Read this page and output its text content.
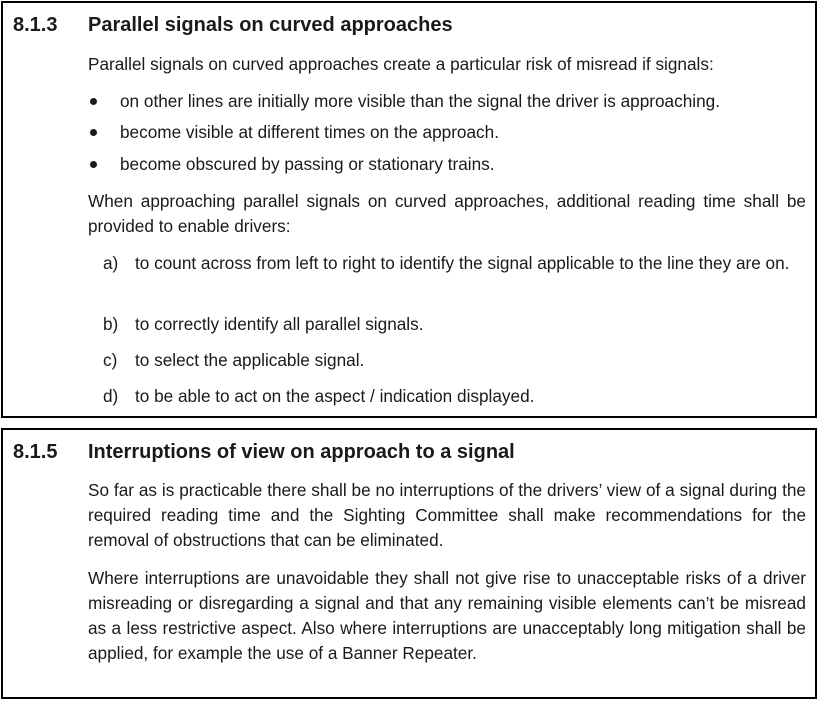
8.1.3 Parallel signals on curved approaches

Parallel signals on curved approaches create a particular risk of misread if signals:

on other lines are initially more visible than the signal the driver is approaching.
become visible at different times on the approach.
become obscured by passing or stationary trains.

When approaching parallel signals on curved approaches, additional reading time shall be provided to enable drivers:

a) to count across from left to right to identify the signal applicable to the line they are on.
b) to correctly identify all parallel signals.
c) to select the applicable signal.
d) to be able to act on the aspect / indication displayed.
8.1.5 Interruptions of view on approach to a signal

So far as is practicable there shall be no interruptions of the drivers’ view of a signal during the required reading time and the Sighting Committee shall make recommendations for the removal of obstructions that can be eliminated.

Where interruptions are unavoidable they shall not give rise to unacceptable risks of a driver misreading or disregarding a signal and that any remaining visible elements can’t be misread as a less restrictive aspect. Also where interruptions are unacceptably long mitigation shall be applied, for example the use of a Banner Repeater.
